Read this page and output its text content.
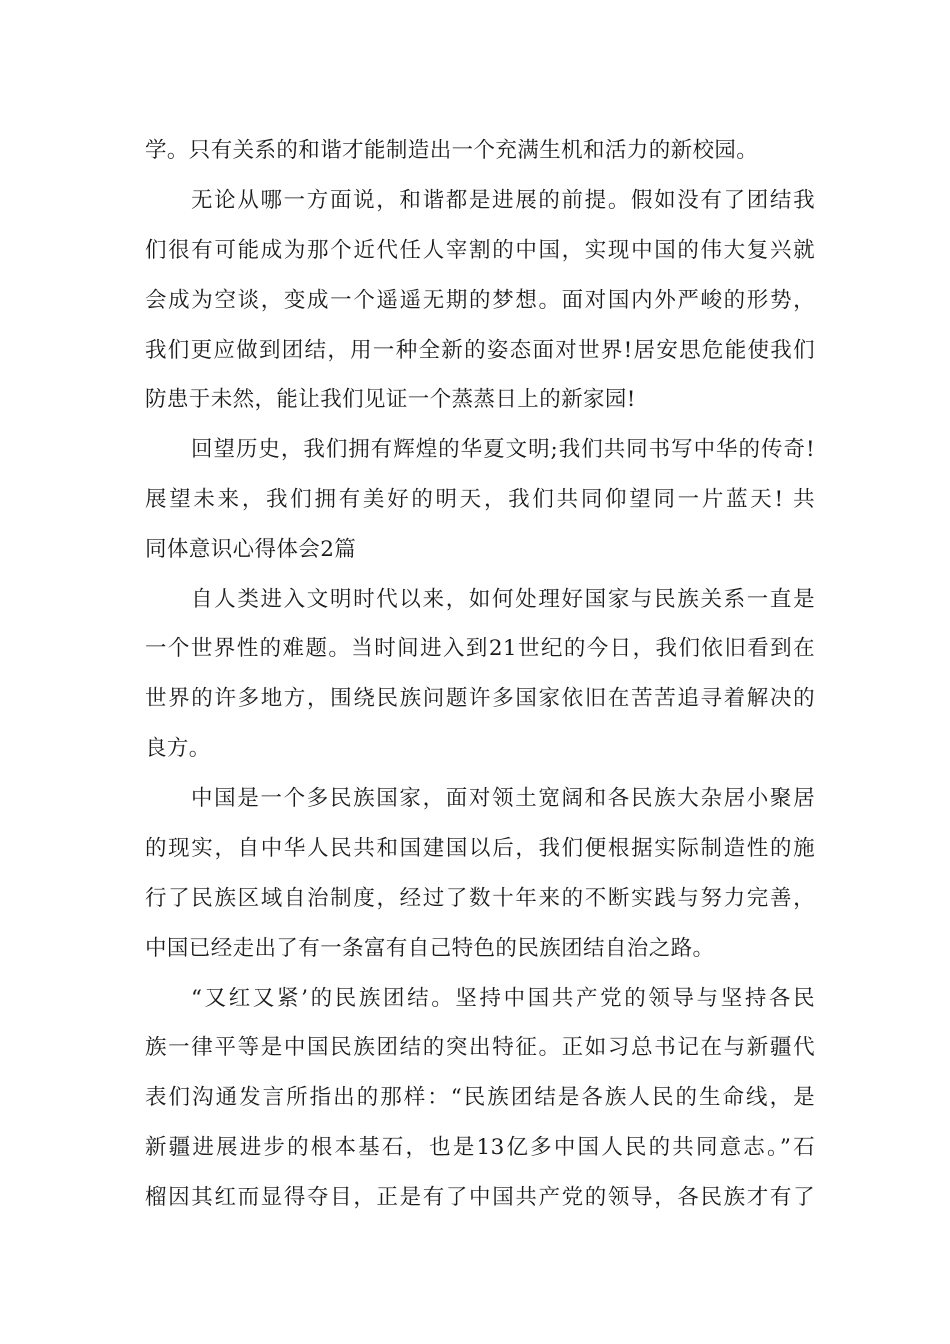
学。只有关系的和谐才能制造出一个充满生机和活力的新校园。
无论从哪一方面说，和谐都是进展的前提。假如没有了团结我
们很有可能成为那个近代任人宰割的中国，实现中国的伟大复兴就
会成为空谈，变成一个遥遥无期的梦想。面对国内外严峻的形势，
我们更应做到团结，用一种全新的姿态面对世界!居安思危能使我们
防患于未然，能让我们见证一个蒸蒸日上的新家园!
回望历史，我们拥有辉煌的华夏文明;我们共同书写中华的传奇!
展望未来，我们拥有美好的明天，我们共同仰望同一片蓝天! 共
同体意识心得体会2篇
自人类进入文明时代以来，如何处理好国家与民族关系一直是
一个世界性的难题。当时间进入到21世纪的今日，我们依旧看到在
世界的许多地方，围绕民族问题许多国家依旧在苦苦追寻着解决的
良方。
中国是一个多民族国家，面对领土宽阔和各民族大杂居小聚居
的现实，自中华人民共和国建国以后，我们便根据实际制造性的施
行了民族区域自治制度，经过了数十年来的不断实践与努力完善，
中国已经走出了有一条富有自己特色的民族团结自治之路。
“又红又紧’的民族团结。坚持中国共产党的领导与坚持各民
族一律平等是中国民族团结的突出特征。正如习总书记在与新疆代
表们沟通发言所指出的那样：“民族团结是各族人民的生命线，是
新疆进展进步的根本基石，也是13亿多中国人民的共同意志。”石
榴因其红而显得夺目，正是有了中国共产党的领导，各民族才有了
